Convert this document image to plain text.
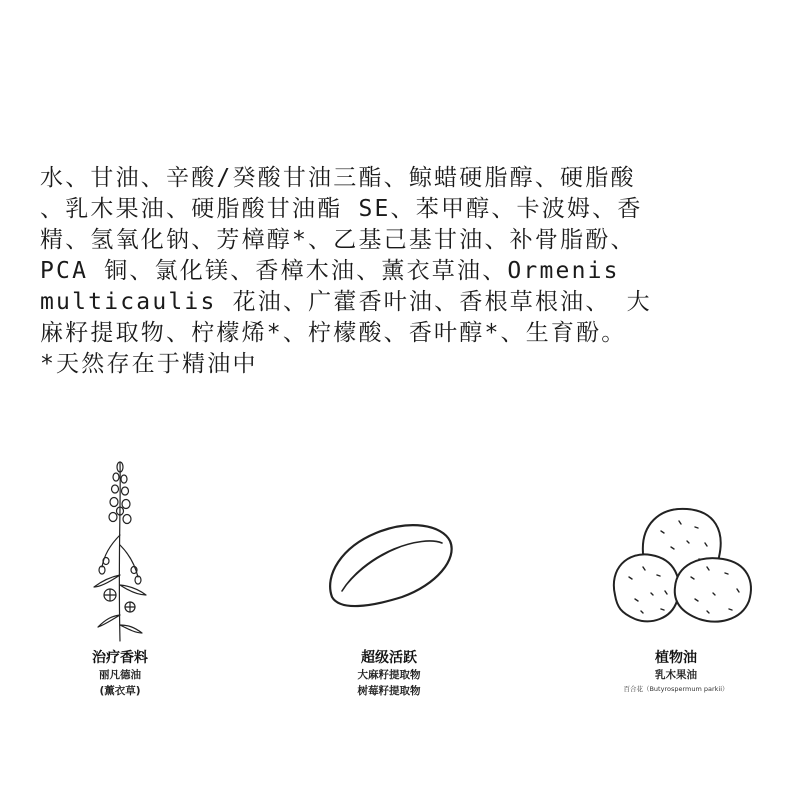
水、甘油、辛酸/癸酸甘油三酯、鲸蜡硬脂醇、硬脂酸
、乳木果油、硬脂酸甘油酯 SE、苯甲醇、卡波姆、香
精、氢氧化钠、芳樟醇*、乙基己基甘油、补骨脂酚、
PCA 铜、氯化镁、香樟木油、薰衣草油、Ormenis
multicaulis 花油、广藿香叶油、香根草根油、 大
麻籽提取物、柠檬烯*、柠檬酸、香叶醇*、生育酚。
*天然存在于精油中
治疗香料
丽凡德油
(薰衣草)
超级活跃
大麻籽提取物
树莓籽提取物
植物油
乳木果油
百合花（Butyrospermum parkii）
